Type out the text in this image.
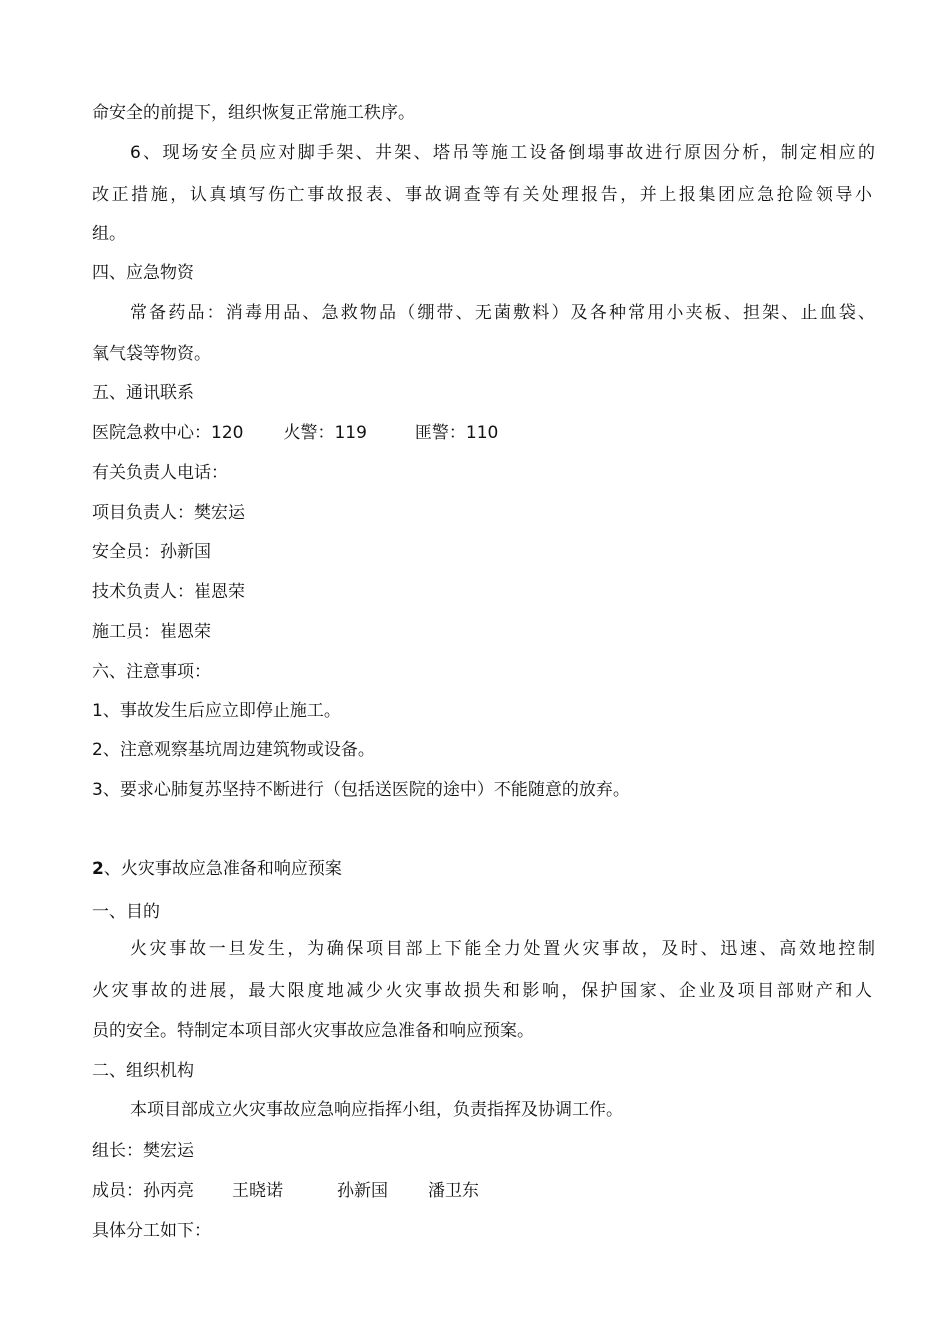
命安全的前提下，组织恢复正常施工秩序。
6、现场安全员应对脚手架、井架、塔吊等施工设备倒塌事故进行原因分析，制定相应的
改正措施，认真填写伤亡事故报表、事故调查等有关处理报告，并上报集团应急抢险领导小
组。
四、应急物资
常备药品：消毒用品、急救物品（绷带、无菌敷料）及各种常用小夹板、担架、止血袋、
氧气袋等物资。
五、通讯联系
医院急救中心：120 火警：119	匪警：110
有关负责人电话：
项目负责人：樊宏运
安全员：孙新国
技术负责人：崔恩荣
施工员：崔恩荣
六、注意事项：
1、事故发生后应立即停止施工。
2、注意观察基坑周边建筑物或设备。
3、要求心肺复苏坚持不断进行（包括送医院的途中）不能随意的放弃。
2、火灾事故应急准备和响应预案
一、目的
火灾事故一旦发生，为确保项目部上下能全力处置火灾事故，及时、迅速、高效地控制
火灾事故的进展，最大限度地减少火灾事故损失和影响，保护国家、企业及项目部财产和人
员的安全。特制定本项目部火灾事故应急准备和响应预案。
二、组织机构
本项目部成立火灾事故应急响应指挥小组，负责指挥及协调工作。
组长：樊宏运
成员：孙丙亮 王晓诺	孙新国 潘卫东
具体分工如下：
